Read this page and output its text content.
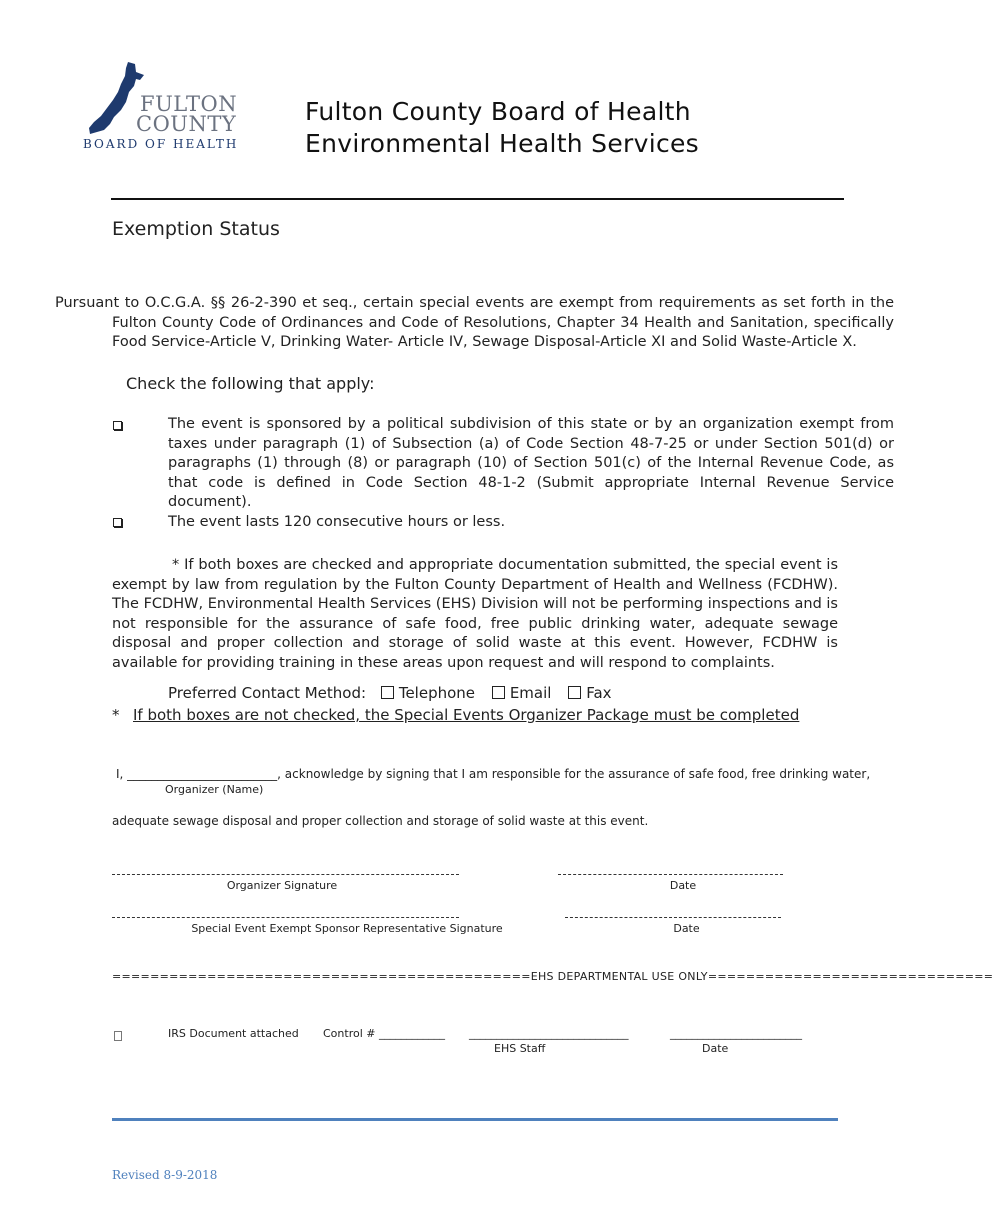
FULTON
COUNTY
BOARD OF HEALTH
Fulton County Board of Health
Environmental Health Services
Exemption Status
Pursuant to O.C.G.A. §§ 26-2-390 et seq., certain special events are exempt from requirements as set forth in the Fulton County Code of Ordinances and Code of Resolutions, Chapter 34 Health and Sanitation, specifically Food Service-Article V, Drinking Water- Article IV, Sewage Disposal-Article XI and Solid Waste-Article X.
Check the following that apply:
The event is sponsored by a political subdivision of this state or by an organization exempt from taxes under paragraph (1) of Subsection (a) of Code Section 48-7-25 or under Section 501(d) or paragraphs (1) through (8) or paragraph (10) of Section 501(c) of the Internal Revenue Code, as that code is defined in Code Section 48-1-2 (Submit appropriate Internal Revenue Service document).
The event lasts 120 consecutive hours or less.
* If both boxes are checked and appropriate documentation submitted, the special event is exempt by law from regulation by the Fulton County Department of Health and Wellness (FCDHW). The FCDHW, Environmental Health Services (EHS) Division will not be performing inspections and is not responsible for the assurance of safe food, free public drinking water, adequate sewage disposal and proper collection and storage of solid waste at this event. However, FCDHW is available for providing training in these areas upon request and will respond to complaints.
Preferred Contact Method: Telephone Email Fax
* If both boxes are not checked, the Special Events Organizer Package must be completed
I, _________________________, acknowledge by signing that I am responsible for the assurance of safe food, free drinking water,
Organizer (Name)
adequate sewage disposal and proper collection and storage of solid waste at this event.
Organizer Signature	Date
Special Event Exempt Sponsor Representative Signature	Date
============================================EHS DEPARTMENTAL USE ONLY==============================
IRS Document attached Control # ____________ _____________________________
EHS Staff
________________________
Date
Revised 8-9-2018
